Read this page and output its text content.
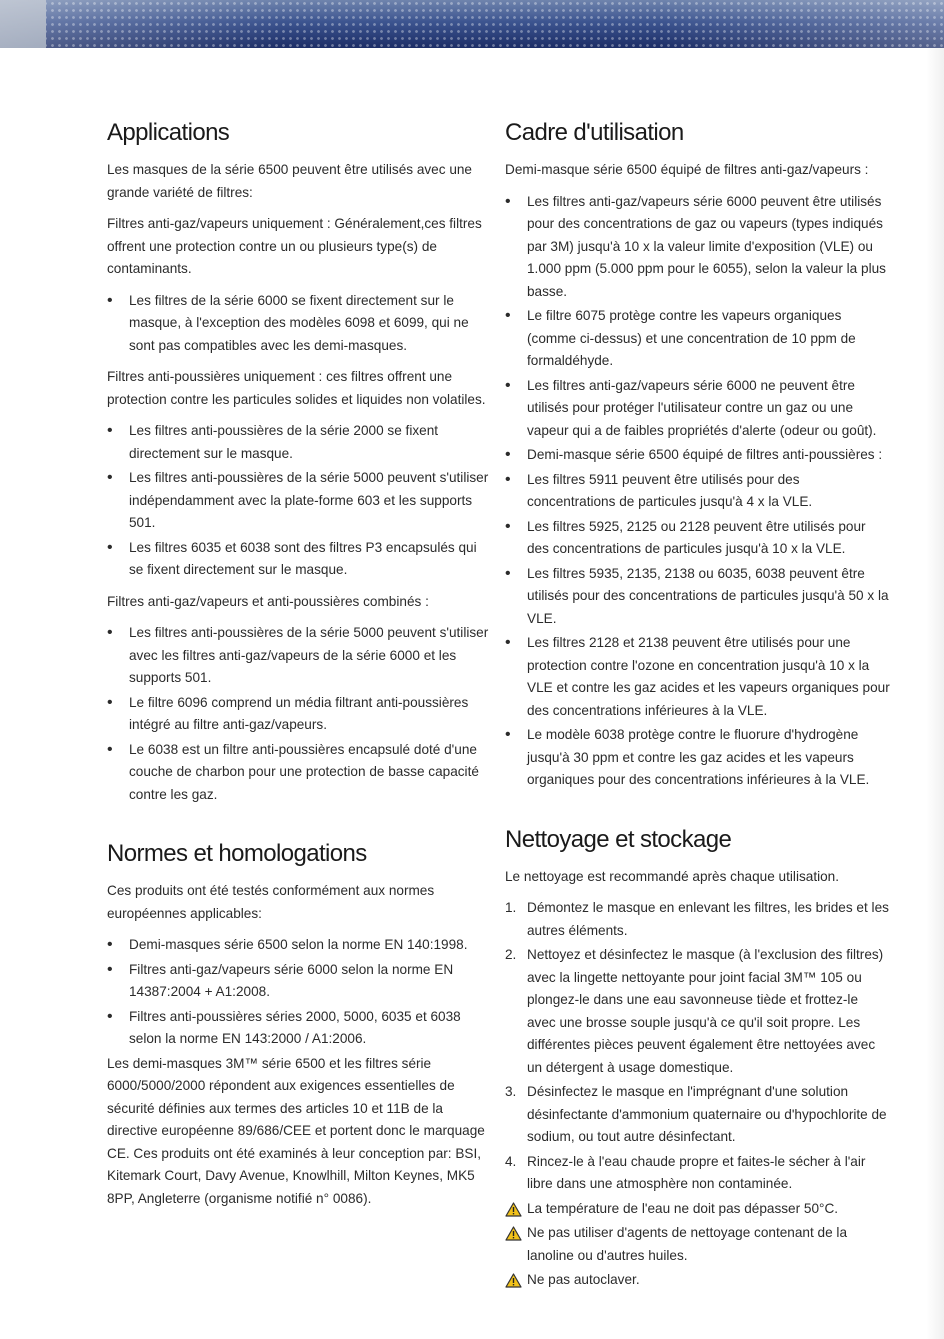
Applications

Les masques de la série 6500 peuvent être utilisés avec une grande variété de filtres:

Filtres anti-gaz/vapeurs uniquement : Généralement,ces filtres offrent une protection contre un ou plusieurs type(s) de contaminants.

• Les filtres de la série 6000 se fixent directement sur le masque, à l'exception des modèles 6098 et 6099, qui ne sont pas compatibles avec les demi-masques.

Filtres anti-poussières uniquement : ces filtres offrent une protection contre les particules solides et liquides non volatiles.

• Les filtres anti-poussières de la série 2000 se fixent directement sur le masque.
• Les filtres anti-poussières de la série 5000 peuvent s'utiliser indépendamment avec la plate-forme 603 et les supports 501.
• Les filtres 6035 et 6038 sont des filtres P3 encapsulés qui se fixent directement sur le masque.

Filtres anti-gaz/vapeurs et anti-poussières combinés :

• Les filtres anti-poussières de la série 5000 peuvent s'utiliser avec les filtres anti-gaz/vapeurs de la série 6000 et les supports 501.
• Le filtre 6096 comprend un média filtrant anti-poussières intégré au filtre anti-gaz/vapeurs.
• Le 6038 est un filtre anti-poussières encapsulé doté d'une couche de charbon pour une protection de basse capacité contre les gaz.
Normes et homologations

Ces produits ont été testés conformément aux normes européennes applicables:

• Demi-masques série 6500 selon la norme EN 140:1998.
• Filtres anti-gaz/vapeurs série 6000 selon la norme EN 14387:2004 + A1:2008.
• Filtres anti-poussières séries 2000, 5000, 6035 et 6038 selon la norme EN 143:2000 / A1:2006.

Les demi-masques 3M™ série 6500 et les filtres série 6000/5000/2000 répondent aux exigences essentielles de sécurité définies aux termes des articles 10 et 11B de la directive européenne 89/686/CEE et portent donc le marquage CE. Ces produits ont été examinés à leur conception par: BSI, Kitemark Court, Davy Avenue, Knowlhill, Milton Keynes, MK5 8PP, Angleterre (organisme notifié n° 0086).

Cadre d'utilisation

Demi-masque série 6500 équipé de filtres anti-gaz/vapeurs :

• Les filtres anti-gaz/vapeurs série 6000 peuvent être utilisés pour des concentrations de gaz ou vapeurs (types indiqués par 3M) jusqu'à 10 x la valeur limite d'exposition (VLE) ou 1.000 ppm (5.000 ppm pour le 6055), selon la valeur la plus basse.
• Le filtre 6075 protège contre les vapeurs organiques (comme ci-dessus) et une concentration de 10 ppm de formaldéhyde.
• Les filtres anti-gaz/vapeurs série 6000 ne peuvent être utilisés pour protéger l'utilisateur contre un gaz ou une vapeur qui a de faibles propriétés d'alerte (odeur ou goût).
• Demi-masque série 6500 équipé de filtres anti-poussières :
• Les filtres 5911 peuvent être utilisés pour des concentrations de particules jusqu'à 4 x la VLE.
• Les filtres 5925, 2125 ou 2128 peuvent être utilisés pour des concentrations de particules jusqu'à 10 x la VLE.
• Les filtres 5935, 2135, 2138 ou 6035, 6038 peuvent être utilisés pour des concentrations de particules jusqu'à 50 x la VLE.
• Les filtres 2128 et 2138 peuvent être utilisés pour une protection contre l'ozone en concentration jusqu'à 10 x la VLE et contre les gaz acides et les vapeurs organiques pour des concentrations inférieures à la VLE.
• Le modèle 6038 protège contre le fluorure d'hydrogène jusqu'à 30 ppm et contre les gaz acides et les vapeurs organiques pour des concentrations inférieures à la VLE.
Nettoyage et stockage

Le nettoyage est recommandé après chaque utilisation.

1. Démontez le masque en enlevant les filtres, les brides et les autres éléments.
2. Nettoyez et désinfectez le masque (à l'exclusion des filtres) avec la lingette nettoyante pour joint facial 3M™ 105 ou plongez-le dans une eau savonneuse tiède et frottez-le avec une brosse souple jusqu'à ce qu'il soit propre. Les différentes pièces peuvent également être nettoyées avec un détergent à usage domestique.
3. Désinfectez le masque en l'imprégnant d'une solution désinfectante d'ammonium quaternaire ou d'hypochlorite de sodium, ou tout autre désinfectant.
4. Rincez-le à l'eau chaude propre et faites-le sécher à l'air libre dans une atmosphère non contaminée.
La température de l'eau ne doit pas dépasser 50°C.
Ne pas utiliser d'agents de nettoyage contenant de la lanoline ou d'autres huiles.
Ne pas autoclaver.
